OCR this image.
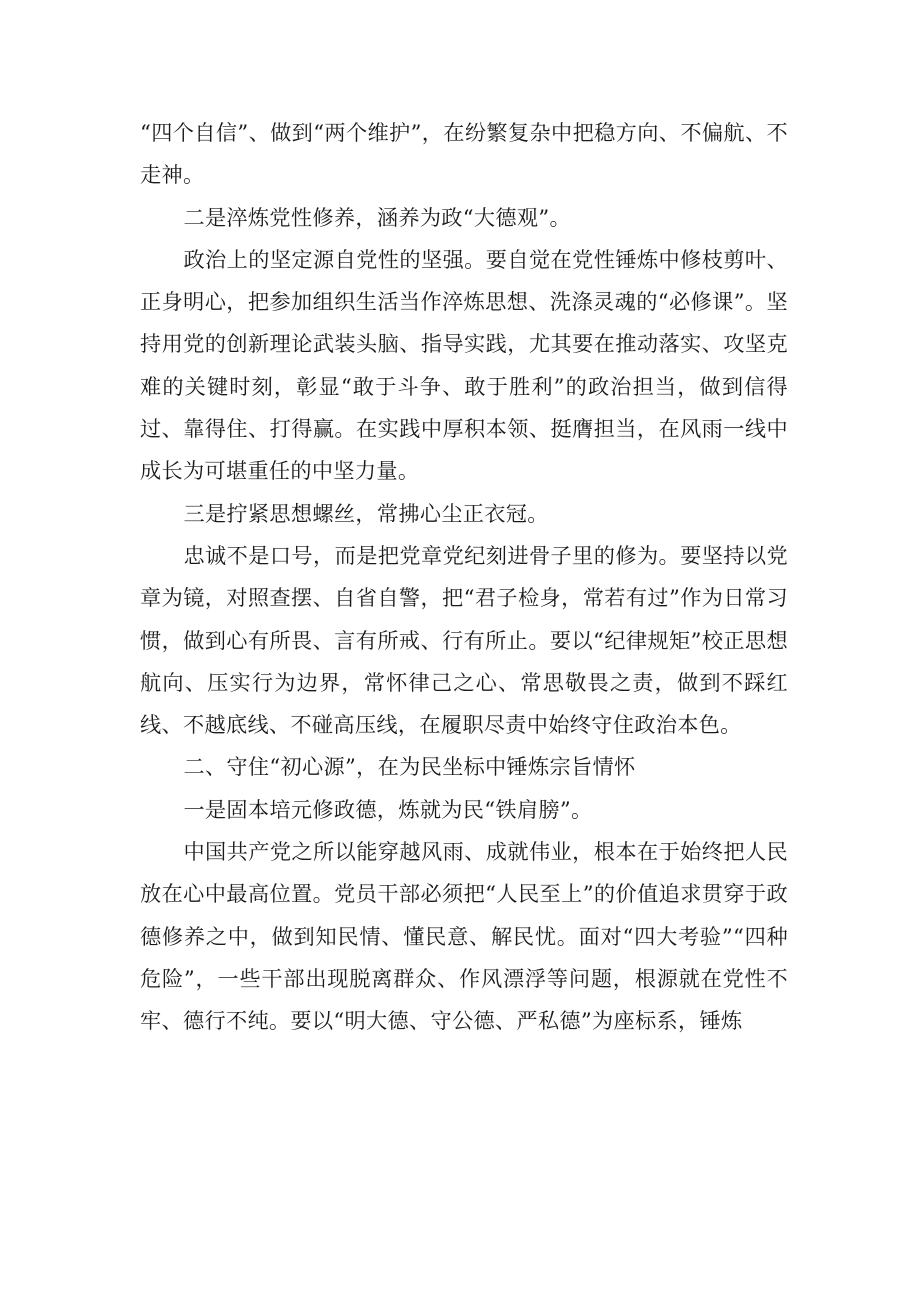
“四个自信”、做到“两个维护”，在纷繁复杂中把稳方向、不偏航、不走神。

二是淬炼党性修养，涵养为政“大德观”。

政治上的坚定源自党性的坚强。要自觉在党性锤炼中修枝剪叶、正身明心，把参加组织生活当作淬炼思想、洗涤灵魂的“必修课”。坚持用党的创新理论武装头脑、指导实践，尤其要在推动落实、攻坚克难的关键时刻，彰显“敢于斗争、敢于胜利”的政治担当，做到信得过、靠得住、打得赢。在实践中厚积本领、挺膺担当，在风雨一线中成长为可堪重任的中坚力量。

三是拧紧思想螺丝，常拂心尘正衣冠。

忠诚不是口号，而是把党章党纪刻进骨子里的修为。要坚持以党章为镜，对照查摆、自省自警，把“君子检身，常若有过”作为日常习惯，做到心有所畏、言有所戒、行有所止。要以“纪律规矩”校正思想航向、压实行为边界，常怀律己之心、常思敬畏之责，做到不踩红线、不越底线、不碰高压线，在履职尽责中始终守住政治本色。

二、守住“初心源”，在为民坐标中锤炼宗旨情怀

一是固本培元修政德，炼就为民“铁肩膀”。

中国共产党之所以能穿越风雨、成就伟业，根本在于始终把人民放在心中最高位置。党员干部必须把“人民至上”的价值追求贯穿于政德修养之中，做到知民情、懂民意、解民忧。面对“四大考验”“四种危险”，一些干部出现脱离群众、作风漂浮等问题，根源就在党性不牢、德行不纯。要以“明大德、守公德、严私德”为座标系，锤炼
